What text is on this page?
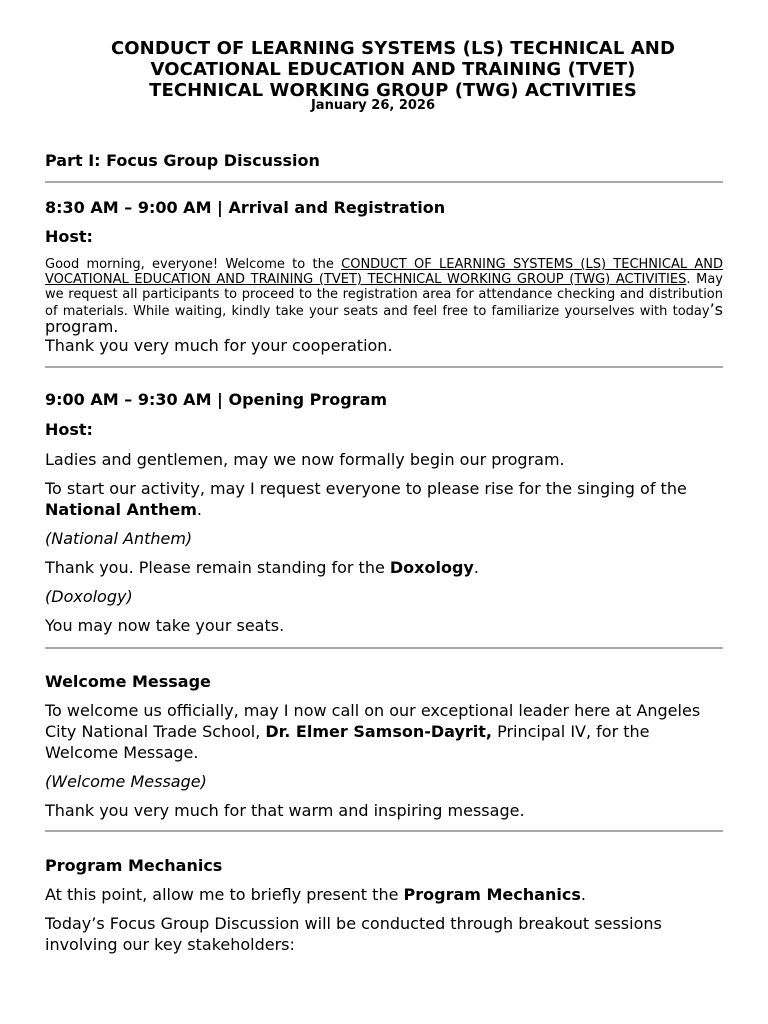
CONDUCT OF LEARNING SYSTEMS (LS) TECHNICAL AND
VOCATIONAL EDUCATION AND TRAINING (TVET)
TECHNICAL WORKING GROUP (TWG) ACTIVITIES
January 26, 2026
Part I: Focus Group Discussion
8:30 AM – 9:00 AM | Arrival and Registration
Host:

Good morning, everyone! Welcome to the CONDUCT OF LEARNING SYSTEMS (LS) TECHNICAL AND VOCATIONAL EDUCATION AND TRAINING (TVET) TECHNICAL WORKING GROUP (TWG) ACTIVITIES. May we request all participants to proceed to the registration area for attendance checking and distribution of materials. While waiting, kindly take your seats and feel free to familiarize yourselves with today’s program.

Thank you very much for your cooperation.

9:00 AM – 9:30 AM | Opening Program
Host:

Ladies and gentlemen, may we now formally begin our program.

To start our activity, may I request everyone to please rise for the singing of the National Anthem.

(National Anthem)

Thank you. Please remain standing for the Doxology.

(Doxology)

You may now take your seats.

Welcome Message

To welcome us officially, may I now call on our exceptional leader here at Angeles City National Trade School, Dr. Elmer Samson-Dayrit, Principal IV, for the Welcome Message.

(Welcome Message)

Thank you very much for that warm and inspiring message.

Program Mechanics

At this point, allow me to briefly present the Program Mechanics.

Today’s Focus Group Discussion will be conducted through breakout sessions involving our key stakeholders:
